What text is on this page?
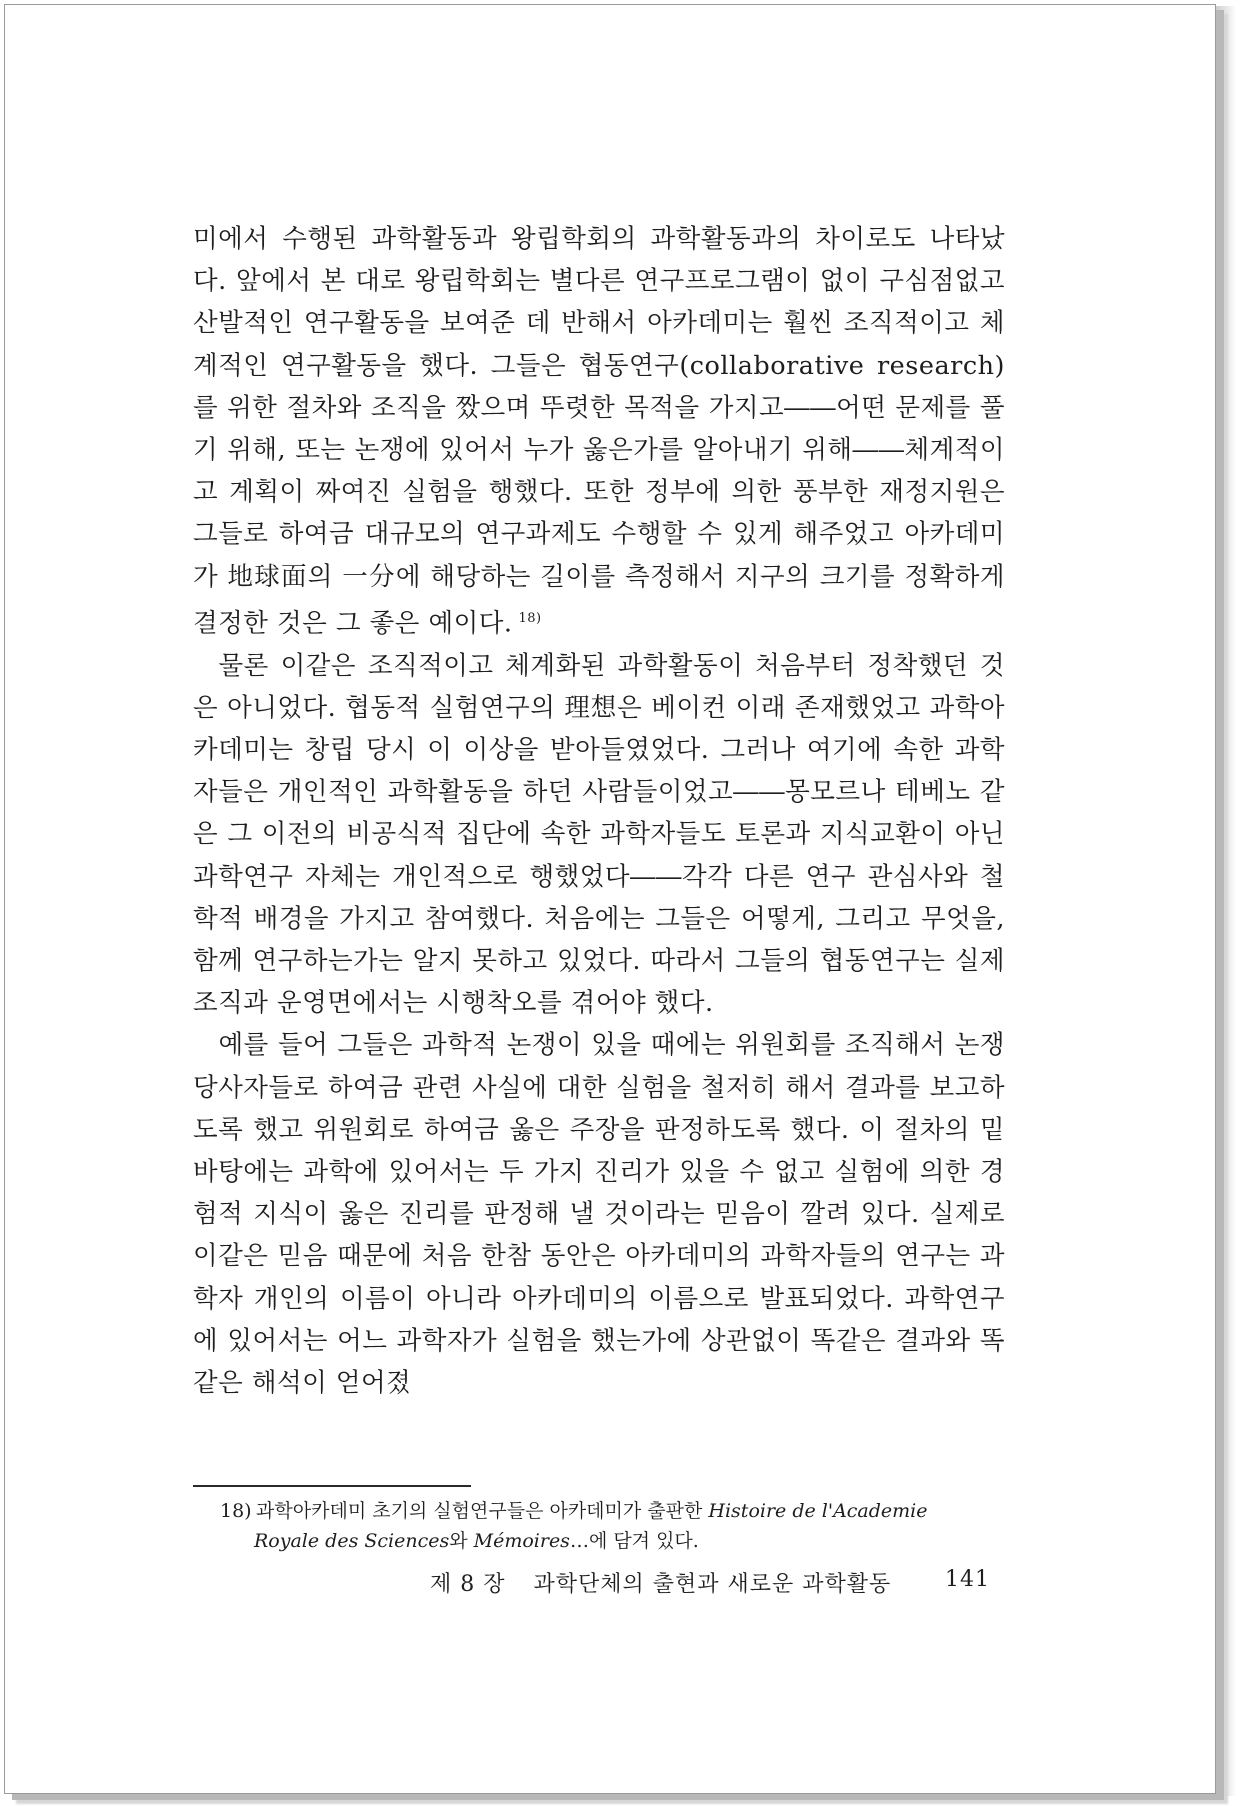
미에서 수행된 과학활동과 왕립학회의 과학활동과의 차이로도 나타났다. 앞에서 본 대로 왕립학회는 별다른 연구프로그램이 없이 구심점없고 산발적인 연구활동을 보여준 데 반해서 아카데미는 훨씬 조직적이고 체계적인 연구활동을 했다. 그들은 협동연구(collaborative research)를 위한 절차와 조직을 짰으며 뚜렷한 목적을 가지고――어떤 문제를 풀기 위해, 또는 논쟁에 있어서 누가 옳은가를 알아내기 위해――체계적이고 계획이 짜여진 실험을 행했다. 또한 정부에 의한 풍부한 재정지원은 그들로 하여금 대규모의 연구과제도 수행할 수 있게 해주었고 아카데미가 地球面의 一分에 해당하는 길이를 측정해서 지구의 크기를 정확하게 결정한 것은 그 좋은 예이다. $^{18)}$

물론 이같은 조직적이고 체계화된 과학활동이 처음부터 정착했던 것은 아니었다. 협동적 실험연구의 理想은 베이컨 이래 존재했었고 과학아카데미는 창립 당시 이 이상을 받아들였었다. 그러나 여기에 속한 과학자들은 개인적인 과학활동을 하던 사람들이었고――몽모르나 테베노 같은 그 이전의 비공식적 집단에 속한 과학자들도 토론과 지식교환이 아닌 과학연구 자체는 개인적으로 행했었다――각각 다른 연구 관심사와 철학적 배경을 가지고 참여했다. 처음에는 그들은 어떻게, 그리고 무엇을, 함께 연구하는가는 알지 못하고 있었다. 따라서 그들의 협동연구는 실제 조직과 운영면에서는 시행착오를 겪어야 했다.

예를 들어 그들은 과학적 논쟁이 있을 때에는 위원회를 조직해서 논쟁당사자들로 하여금 관련 사실에 대한 실험을 철저히 해서 결과를 보고하도록 했고 위원회로 하여금 옳은 주장을 판정하도록 했다. 이 절차의 밑바탕에는 과학에 있어서는 두 가지 진리가 있을 수 없고 실험에 의한 경험적 지식이 옳은 진리를 판정해 낼 것이라는 믿음이 깔려 있다. 실제로 이같은 믿음 때문에 처음 한참 동안은 아카데미의 과학자들의 연구는 과학자 개인의 이름이 아니라 아카데미의 이름으로 발표되었다. 과학연구에 있어서는 어느 과학자가 실험을 했는가에 상관없이 똑같은 결과와 똑같은 해석이 얻어졌

18) 과학아카데미 초기의 실험연구들은 아카데미가 출판한 Histoire de l'Academie
Royale des Sciences와 Mémoires…에 담겨 있다.
제 8 장 과학단체의 출현과 새로운 과학활동 141
